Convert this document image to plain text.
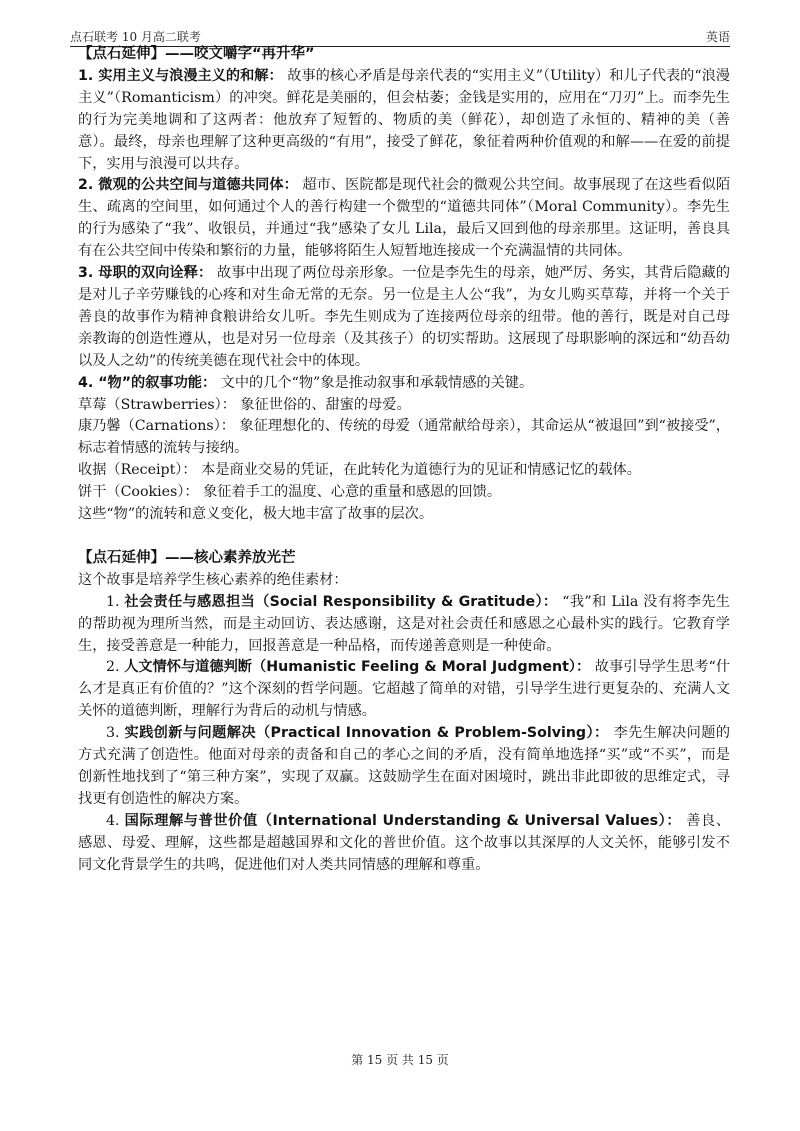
点石联考 10 月高二联考	英语

【点石延伸】——咬文嚼字“再升华”

1. 实用主义与浪漫主义的和解： 故事的核心矛盾是母亲代表的“实用主义”（Utility）和儿子代表的“浪漫主义”（Romanticism）的冲突。鲜花是美丽的，但会枯萎；金钱是实用的，应用在“刀刃”上。而李先生的行为完美地调和了这两者：他放弃了短暂的、物质的美（鲜花），却创造了永恒的、精神的美（善意）。最终，母亲也理解了这种更高级的“有用”，接受了鲜花，象征着两种价值观的和解——在爱的前提下，实用与浪漫可以共存。

2. 微观的公共空间与道德共同体： 超市、医院都是现代社会的微观公共空间。故事展现了在这些看似陌生、疏离的空间里，如何通过个人的善行构建一个微型的“道德共同体”（Moral Community）。李先生的行为感染了“我”、收银员，并通过“我”感染了女儿 Lila，最后又回到他的母亲那里。这证明，善良具有在公共空间中传染和繁衍的力量，能够将陌生人短暂地连接成一个充满温情的共同体。

3. 母职的双向诠释： 故事中出现了两位母亲形象。一位是李先生的母亲，她严厉、务实，其背后隐藏的是对儿子辛劳赚钱的心疼和对生命无常的无奈。另一位是主人公“我”，为女儿购买草莓，并将一个关于善良的故事作为精神食粮讲给女儿听。李先生则成为了连接两位母亲的纽带。他的善行，既是对自己母亲教诲的创造性遵从，也是对另一位母亲（及其孩子）的切实帮助。这展现了母职影响的深远和“幼吾幼以及人之幼”的传统美德在现代社会中的体现。

4. “物”的叙事功能： 文中的几个“物”象是推动叙事和承载情感的关键。

草莓（Strawberries）： 象征世俗的、甜蜜的母爱。

康乃馨（Carnations）： 象征理想化的、传统的母爱（通常献给母亲），其命运从“被退回”到“被接受”，标志着情感的流转与接纳。

收据（Receipt）： 本是商业交易的凭证，在此转化为道德行为的见证和情感记忆的载体。

饼干（Cookies）： 象征着手工的温度、心意的重量和感恩的回馈。

这些“物”的流转和意义变化，极大地丰富了故事的层次。

【点石延伸】——核心素养放光芒

这个故事是培养学生核心素养的绝佳素材：

1. 社会责任与感恩担当（Social Responsibility & Gratitude）： “我”和 Lila 没有将李先生的帮助视为理所当然，而是主动回访、表达感谢，这是对社会责任和感恩之心最朴实的践行。它教育学生，接受善意是一种能力，回报善意是一种品格，而传递善意则是一种使命。

2. 人文情怀与道德判断（Humanistic Feeling & Moral Judgment）： 故事引导学生思考“什么才是真正有价值的？”这个深刻的哲学问题。它超越了简单的对错，引导学生进行更复杂的、充满人文关怀的道德判断，理解行为背后的动机与情感。

3. 实践创新与问题解决（Practical Innovation & Problem-Solving）： 李先生解决问题的方式充满了创造性。他面对母亲的责备和自己的孝心之间的矛盾，没有简单地选择“买”或“不买”，而是创新性地找到了“第三种方案”，实现了双赢。这鼓励学生在面对困境时，跳出非此即彼的思维定式，寻找更有创造性的解决方案。

4. 国际理解与普世价值（International Understanding & Universal Values）： 善良、感恩、母爱、理解，这些都是超越国界和文化的普世价值。这个故事以其深厚的人文关怀，能够引发不同文化背景学生的共鸣，促进他们对人类共同情感的理解和尊重。

第 15 页 共 15 页
